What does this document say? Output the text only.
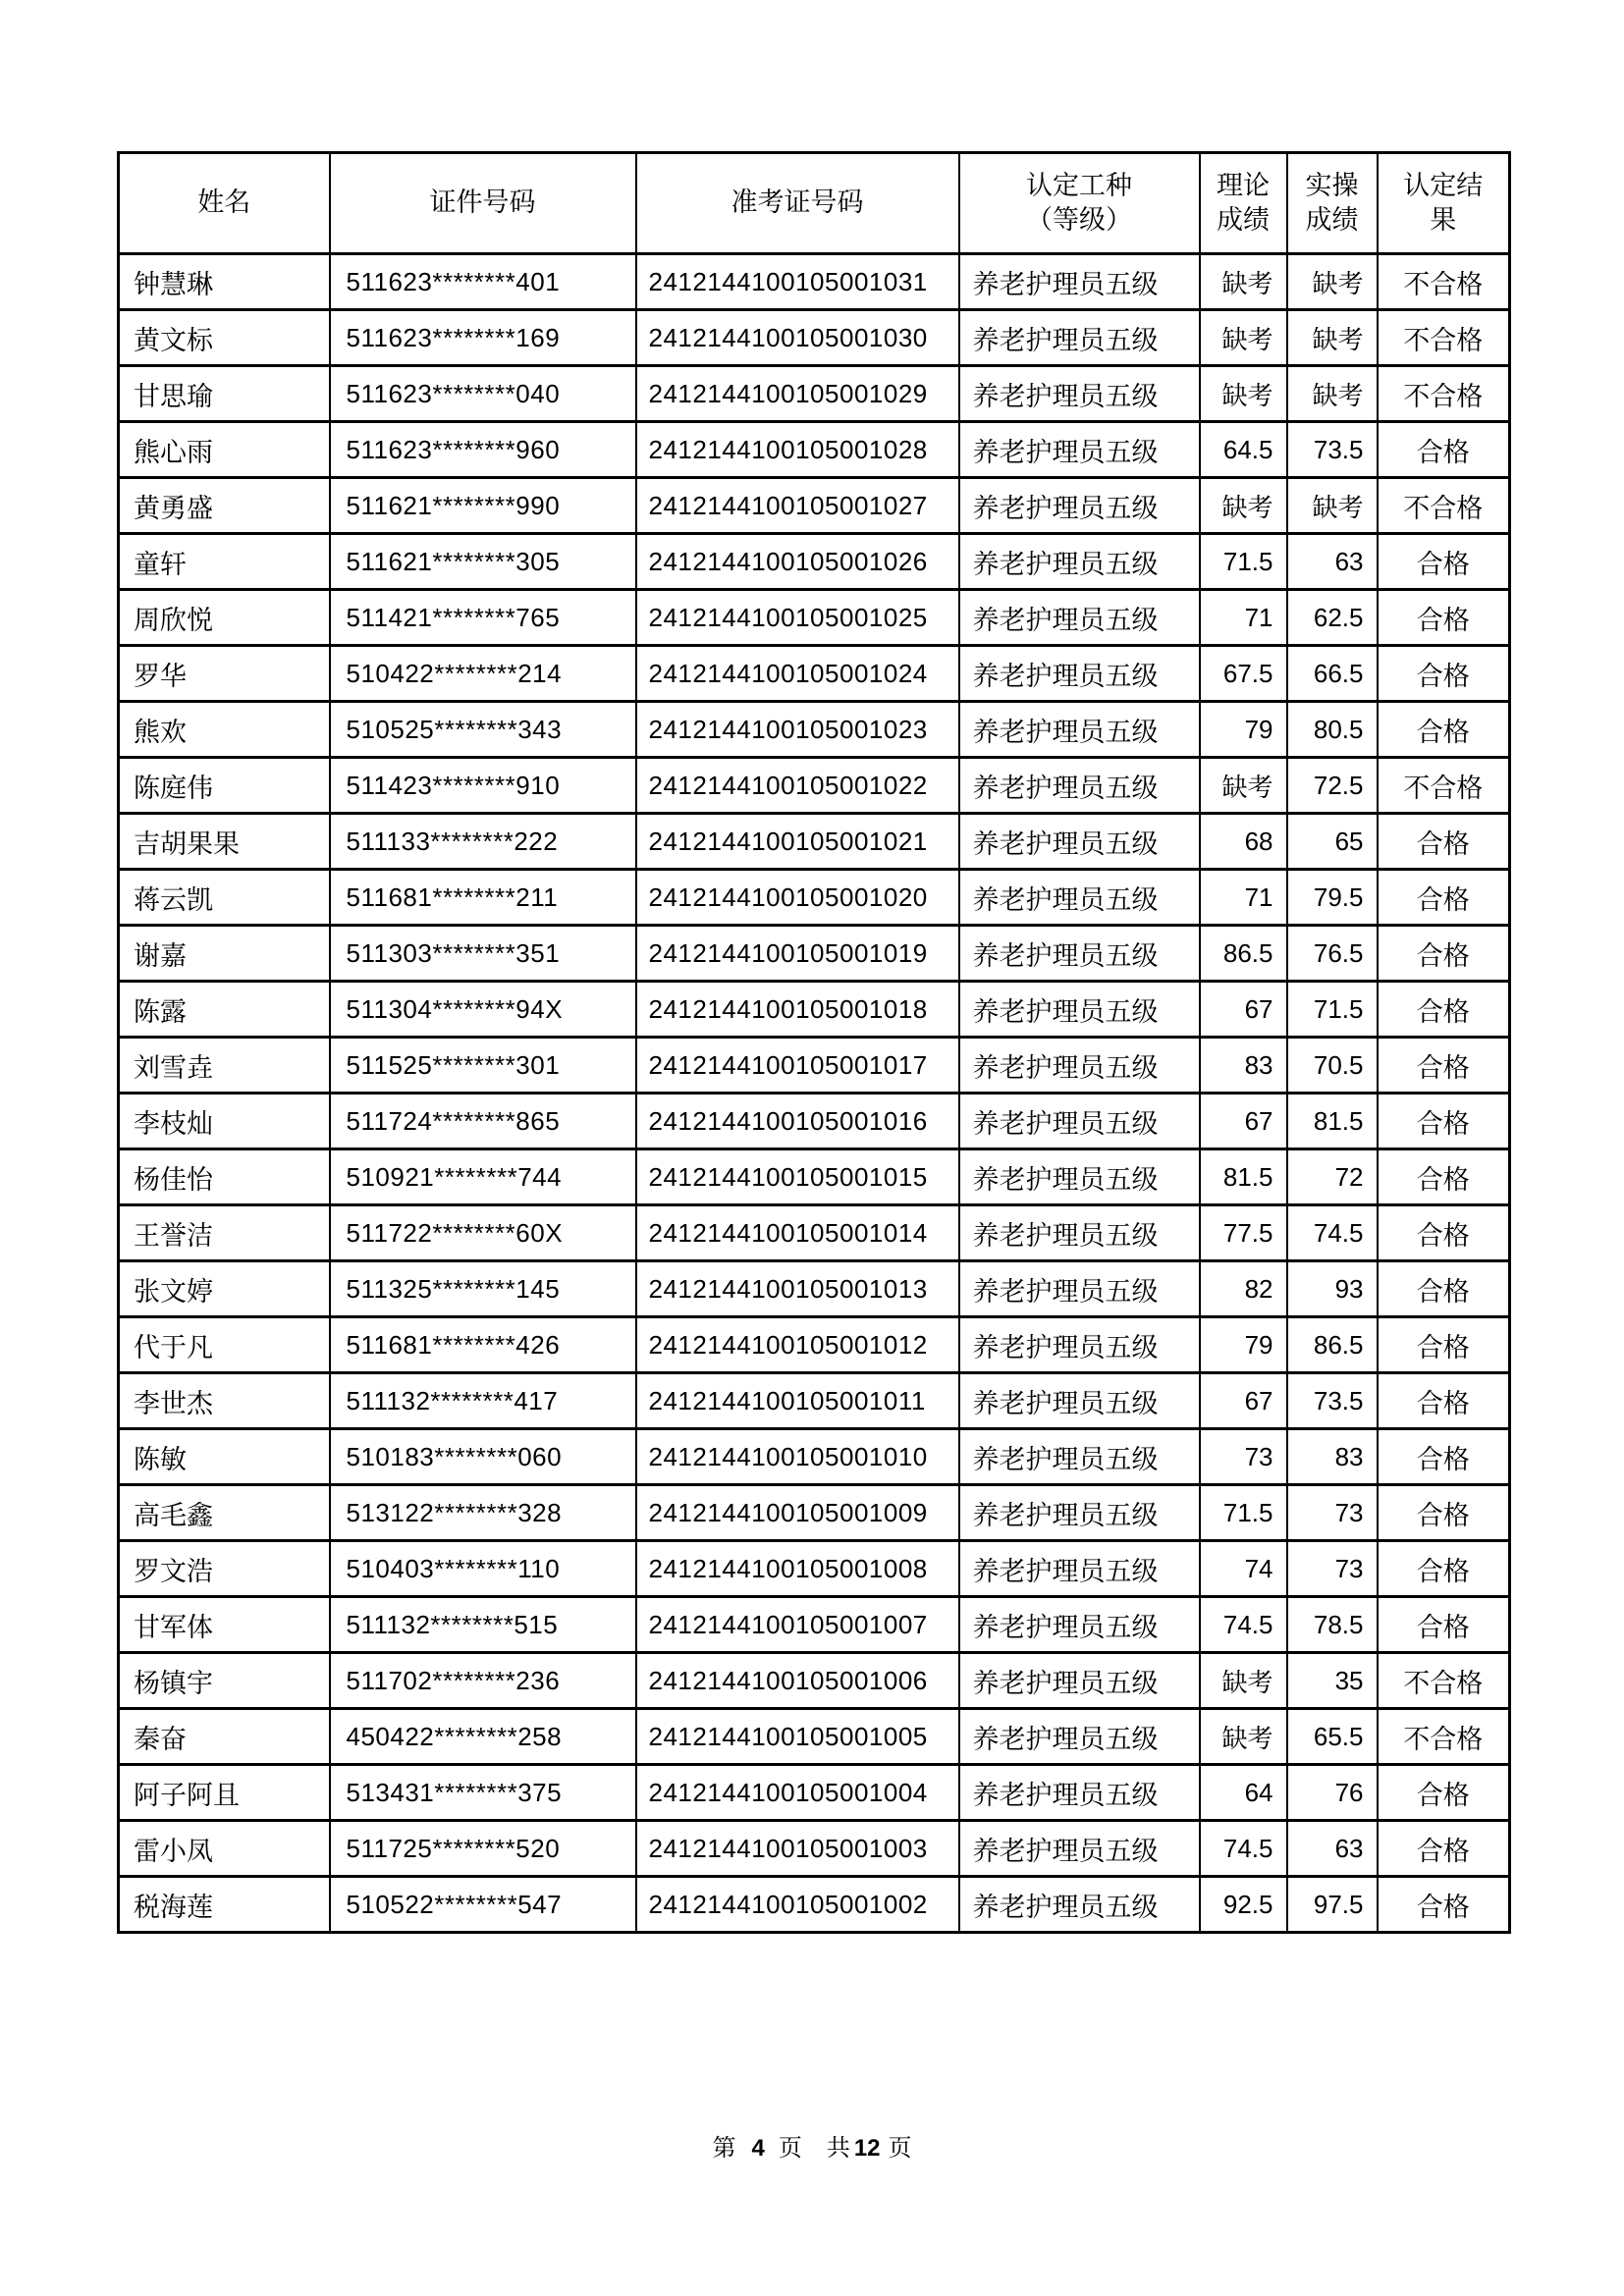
姓名	证件号码	准考证号码	认定工种（等级）	理论成绩	实操成绩	认定结果
钟慧琳	511623********401	2412144100105001031	养老护理员五级	缺考	缺考	不合格
黄文标	511623********169	2412144100105001030	养老护理员五级	缺考	缺考	不合格
甘思瑜	511623********040	2412144100105001029	养老护理员五级	缺考	缺考	不合格
熊心雨	511623********960	2412144100105001028	养老护理员五级	64.5	73.5	合格
黄勇盛	511621********990	2412144100105001027	养老护理员五级	缺考	缺考	不合格
童轩	511621********305	2412144100105001026	养老护理员五级	71.5	63	合格
周欣悦	511421********765	2412144100105001025	养老护理员五级	71	62.5	合格
罗华	510422********214	2412144100105001024	养老护理员五级	67.5	66.5	合格
熊欢	510525********343	2412144100105001023	养老护理员五级	79	80.5	合格
陈庭伟	511423********910	2412144100105001022	养老护理员五级	缺考	72.5	不合格
吉胡果果	511133********222	2412144100105001021	养老护理员五级	68	65	合格
蒋云凯	511681********211	2412144100105001020	养老护理员五级	71	79.5	合格
谢嘉	511303********351	2412144100105001019	养老护理员五级	86.5	76.5	合格
陈露	511304********94X	2412144100105001018	养老护理员五级	67	71.5	合格
刘雪垚	511525********301	2412144100105001017	养老护理员五级	83	70.5	合格
李枝灿	511724********865	2412144100105001016	养老护理员五级	67	81.5	合格
杨佳怡	510921********744	2412144100105001015	养老护理员五级	81.5	72	合格
王誉洁	511722********60X	2412144100105001014	养老护理员五级	77.5	74.5	合格
张文婷	511325********145	2412144100105001013	养老护理员五级	82	93	合格
代于凡	511681********426	2412144100105001012	养老护理员五级	79	86.5	合格
李世杰	511132********417	2412144100105001011	养老护理员五级	67	73.5	合格
陈敏	510183********060	2412144100105001010	养老护理员五级	73	83	合格
高毛鑫	513122********328	2412144100105001009	养老护理员五级	71.5	73	合格
罗文浩	510403********110	2412144100105001008	养老护理员五级	74	73	合格
甘军体	511132********515	2412144100105001007	养老护理员五级	74.5	78.5	合格
杨镇宇	511702********236	2412144100105001006	养老护理员五级	缺考	35	不合格
秦奋	450422********258	2412144100105001005	养老护理员五级	缺考	65.5	不合格
阿子阿且	513431********375	2412144100105001004	养老护理员五级	64	76	合格
雷小凤	511725********520	2412144100105001003	养老护理员五级	74.5	63	合格
税海莲	510522********547	2412144100105001002	养老护理员五级	92.5	97.5	合格
第 4 页 共 12 页
